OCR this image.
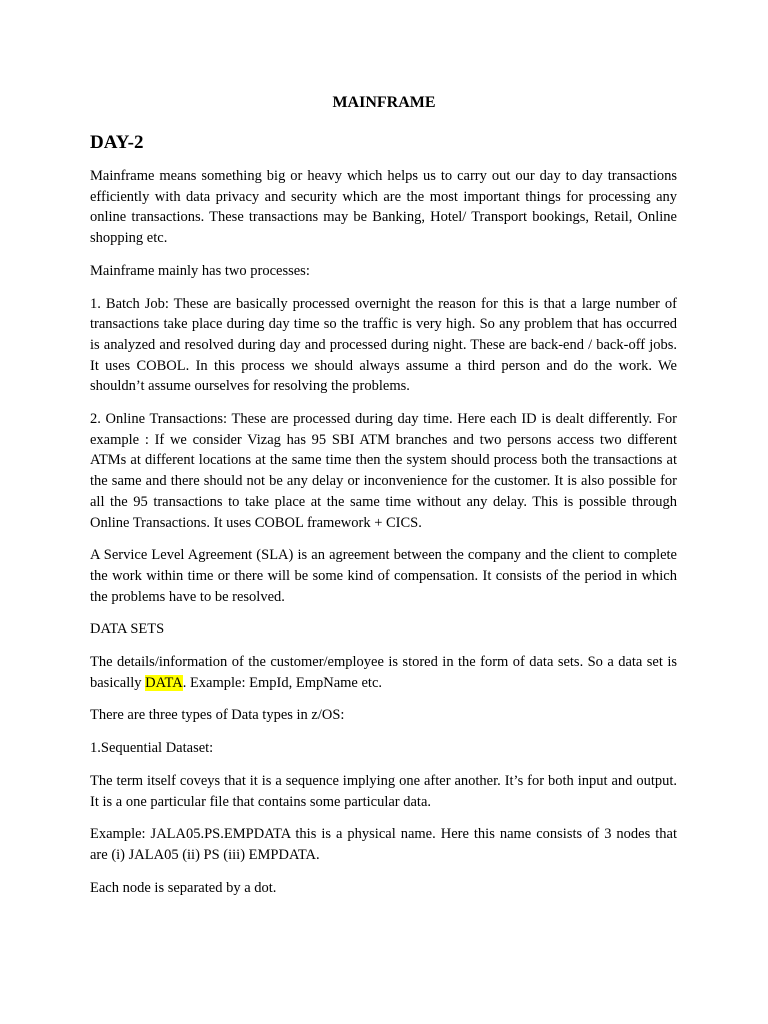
MAINFRAME
DAY-2

Mainframe means something big or heavy which helps us to carry out our day to day transactions efficiently with data privacy and security which are the most important things for processing any online transactions. These transactions may be Banking, Hotel/ Transport bookings, Retail, Online shopping etc.

Mainframe mainly has two processes:

1. Batch Job: These are basically processed overnight the reason for this is that a large number of transactions take place during day time so the traffic is very high. So any problem that has occurred is analyzed and resolved during day and processed during night. These are back-end / back-off jobs. It uses COBOL. In this process we should always assume a third person and do the work. We shouldn’t assume ourselves for resolving the problems.

2. Online Transactions: These are processed during day time. Here each ID is dealt differently. For example : If we consider Vizag has 95 SBI ATM branches and two persons access two different ATMs at different locations at the same time then the system should process both the transactions at the same and there should not be any delay or inconvenience for the customer. It is also possible for all the 95 transactions to take place at the same time without any delay. This is possible through Online Transactions. It uses COBOL framework + CICS.

A Service Level Agreement (SLA) is an agreement between the company and the client to complete the work within time or there will be some kind of compensation. It consists of the period in which the problems have to be resolved.

DATA SETS

The details/information of the customer/employee is stored in the form of data sets. So a data set is basically DATA. Example: EmpId, EmpName etc.

There are three types of Data types in z/OS:

1.Sequential Dataset:

The term itself coveys that it is a sequence implying one after another. It’s for both input and output. It is a one particular file that contains some particular data.

Example: JALA05.PS.EMPDATA this is a physical name. Here this name consists of 3 nodes that are (i) JALA05 (ii) PS (iii) EMPDATA.

Each node is separated by a dot.
